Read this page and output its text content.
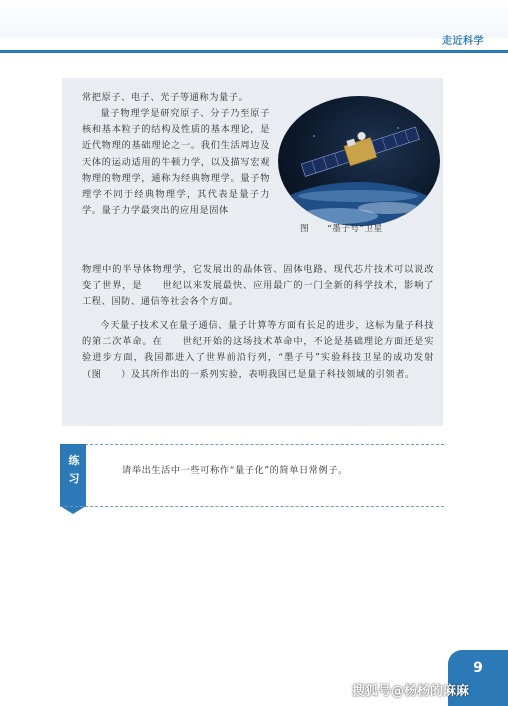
走近科学

常把原子、电子、光子等通称为量子。

量子物理学是研究原子、分子乃至原子核和基本粒子的结构及性质的基本理论，是近代物理的基础理论之一。我们生活周边及天体的运动适用的牛顿力学，以及描写宏观物理的物理学，通称为经典物理学。量子物理学不同于经典物理学，其代表是量子力学。量子力学最突出的应用是固体

物理中的半导体物理学，它发展出的晶体管、固体电路、现代芯片技术可以说改变了世界，是　　世纪以来发展最快、应用最广的一门全新的科学技术，影响了工程、国防、通信等社会各个方面。

今天量子技术又在量子通信、量子计算等方面有长足的进步，这标为量子科技的第二次革命。在　　世纪开始的这场技术革命中，不论是基础理论方面还是实验进步方面，我国都进入了世界前沿行列，“墨子号”实验科技卫星的成功发射（图　　）及其所作出的一系列实验，表明我国已是量子科技领域的引领者。

图　　“墨子号”卫星
练习

请举出生活中一些可称作“量子化”的简单日常例子。

9
搜狐号@杨杨的麻麻
